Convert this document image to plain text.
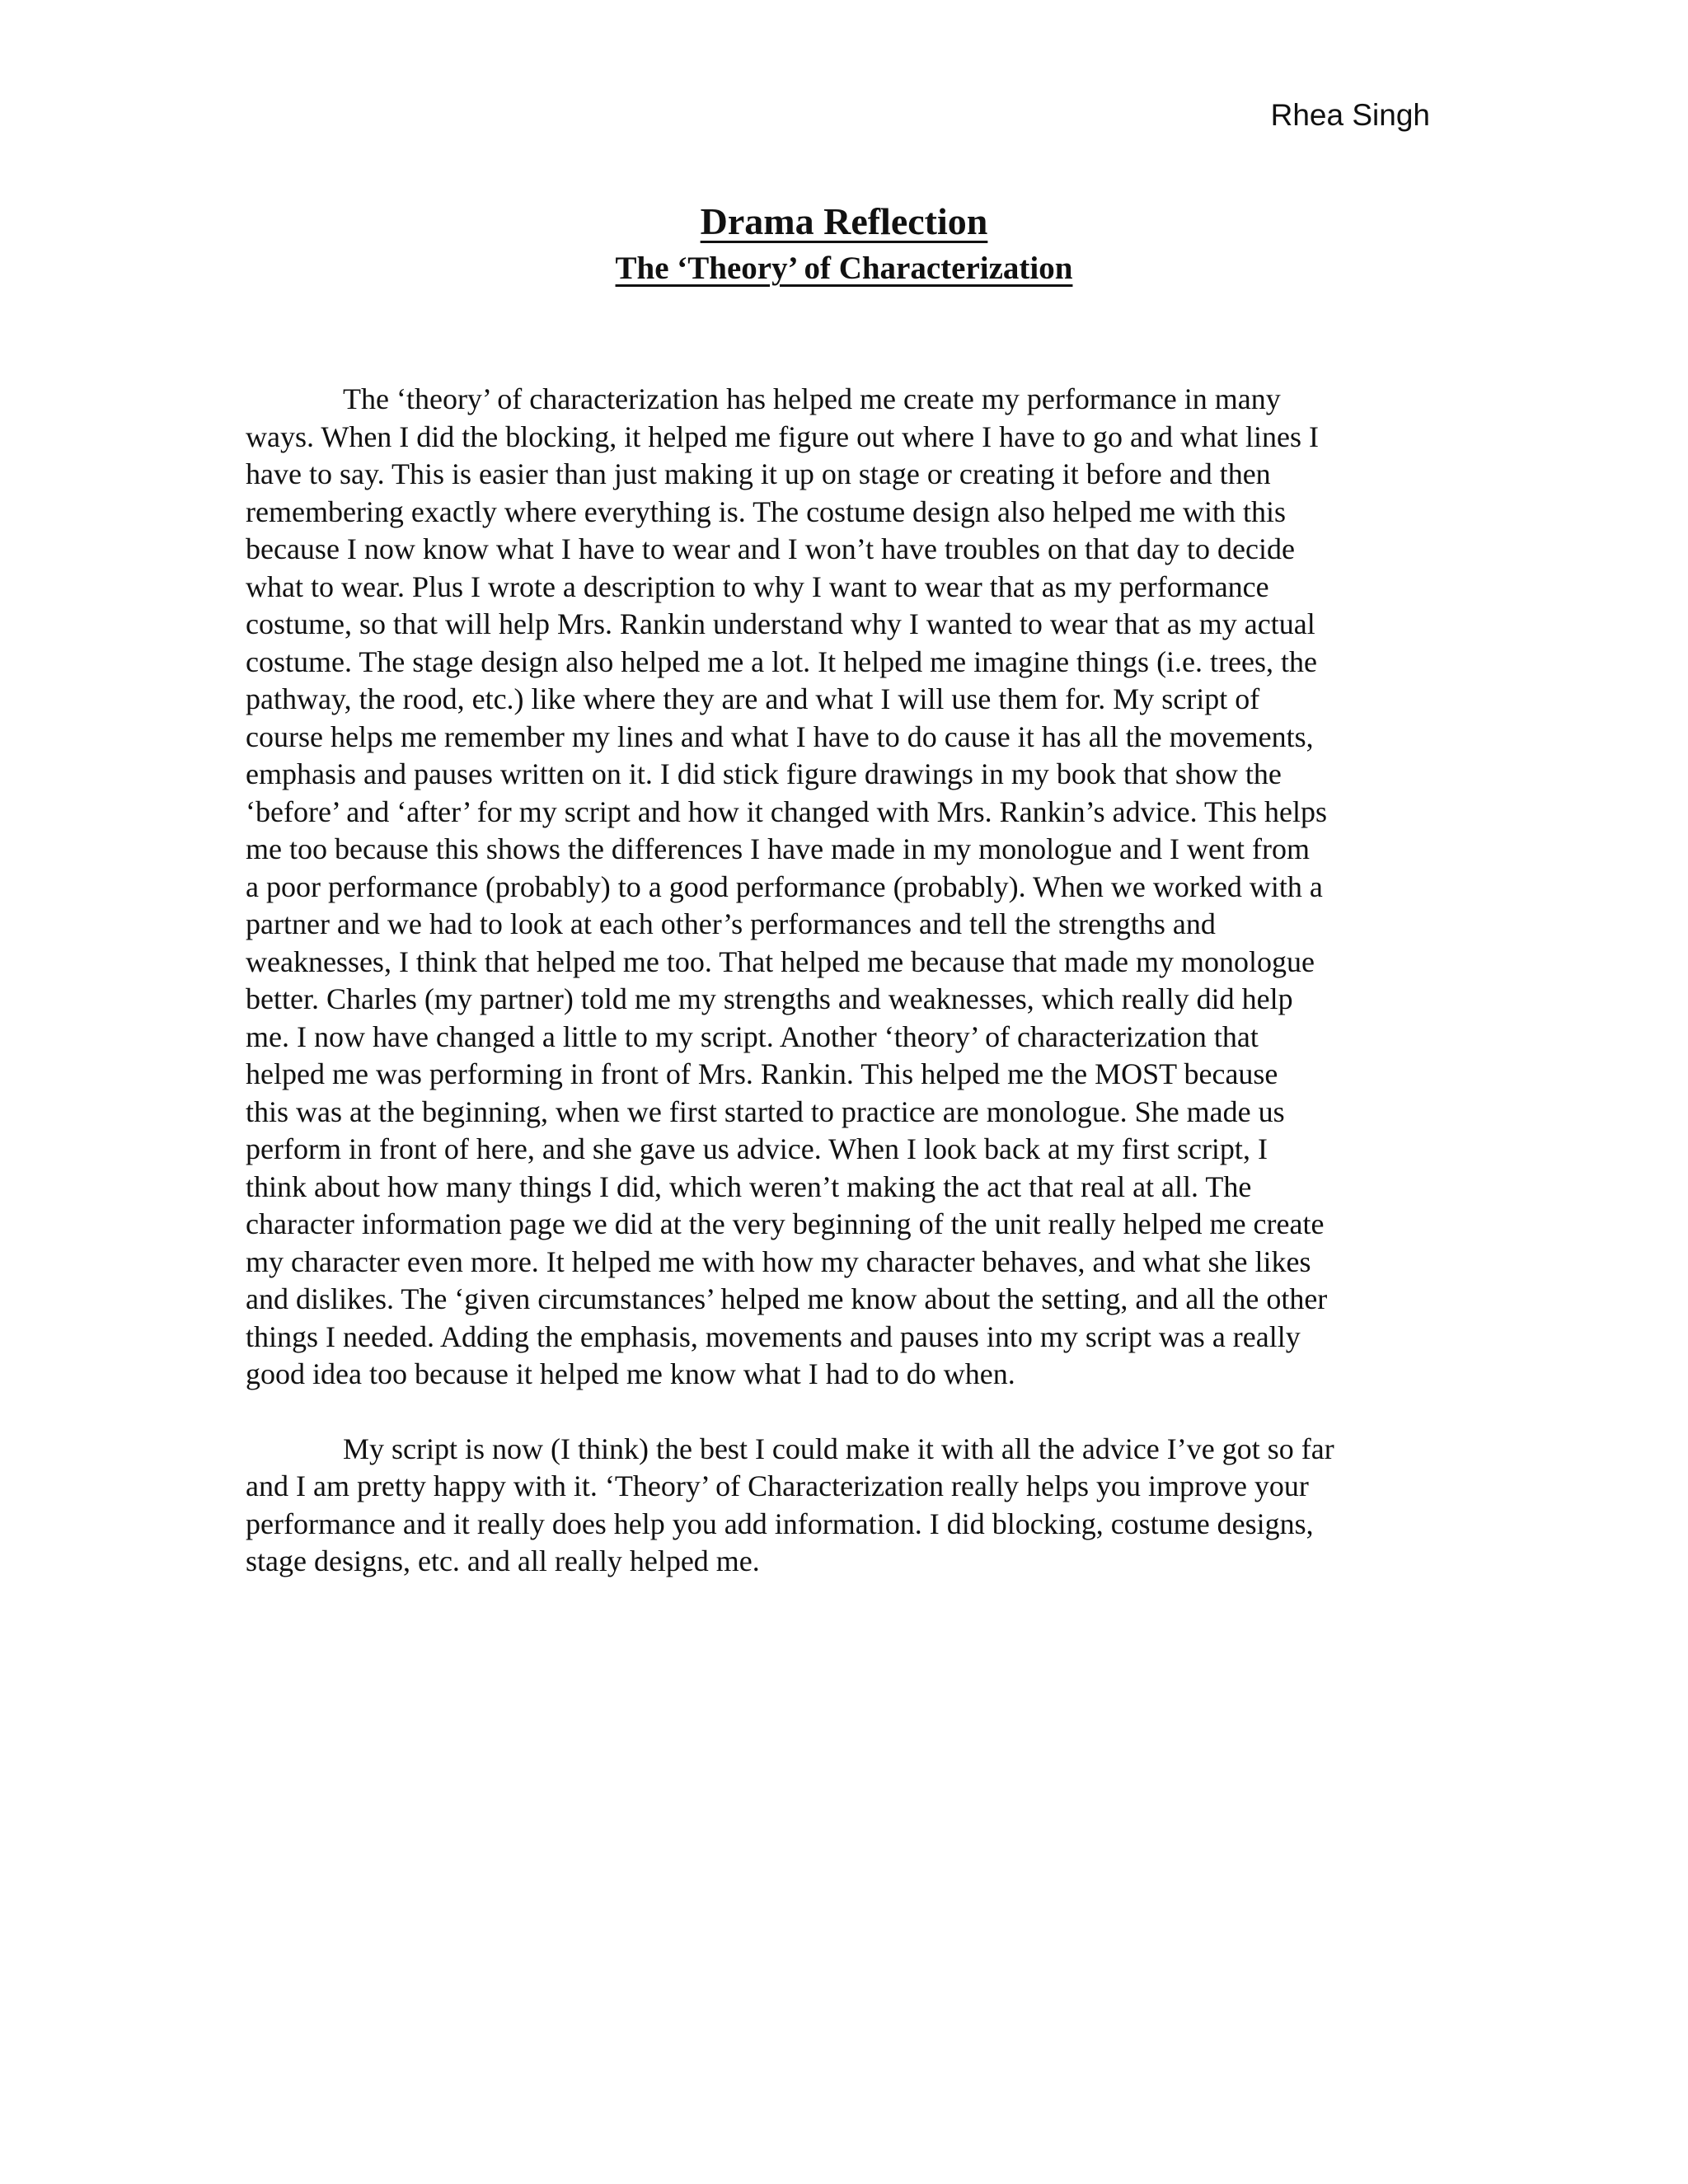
Rhea Singh
Drama Reflection
The ‘Theory’ of Characterization
The ‘theory’ of characterization has helped me create my performance in many
ways. When I did the blocking, it helped me figure out where I have to go and what lines I
have to say. This is easier than just making it up on stage or creating it before and then
remembering exactly where everything is. The costume design also helped me with this
because I now know what I have to wear and I won’t have troubles on that day to decide
what to wear. Plus I wrote a description to why I want to wear that as my performance
costume, so that will help Mrs. Rankin understand why I wanted to wear that as my actual
costume. The stage design also helped me a lot. It helped me imagine things (i.e. trees, the
pathway, the rood, etc.) like where they are and what I will use them for. My script of
course helps me remember my lines and what I have to do cause it has all the movements,
emphasis and pauses written on it. I did stick figure drawings in my book that show the
‘before’ and ‘after’ for my script and how it changed with Mrs. Rankin’s advice. This helps
me too because this shows the differences I have made in my monologue and I went from
a poor performance (probably) to a good performance (probably). When we worked with a
partner and we had to look at each other’s performances and tell the strengths and
weaknesses, I think that helped me too. That helped me because that made my monologue
better. Charles (my partner) told me my strengths and weaknesses, which really did help
me. I now have changed a little to my script. Another ‘theory’ of characterization that
helped me was performing in front of Mrs. Rankin. This helped me the MOST because
this was at the beginning, when we first started to practice are monologue. She made us
perform in front of here, and she gave us advice. When I look back at my first script, I
think about how many things I did, which weren’t making the act that real at all. The
character information page we did at the very beginning of the unit really helped me create
my character even more. It helped me with how my character behaves, and what she likes
and dislikes. The ‘given circumstances’ helped me know about the setting, and all the other
things I needed. Adding the emphasis, movements and pauses into my script was a really
good idea too because it helped me know what I had to do when.
My script is now (I think) the best I could make it with all the advice I’ve got so far
and I am pretty happy with it. ‘Theory’ of Characterization really helps you improve your
performance and it really does help you add information. I did blocking, costume designs,
stage designs, etc. and all really helped me.
